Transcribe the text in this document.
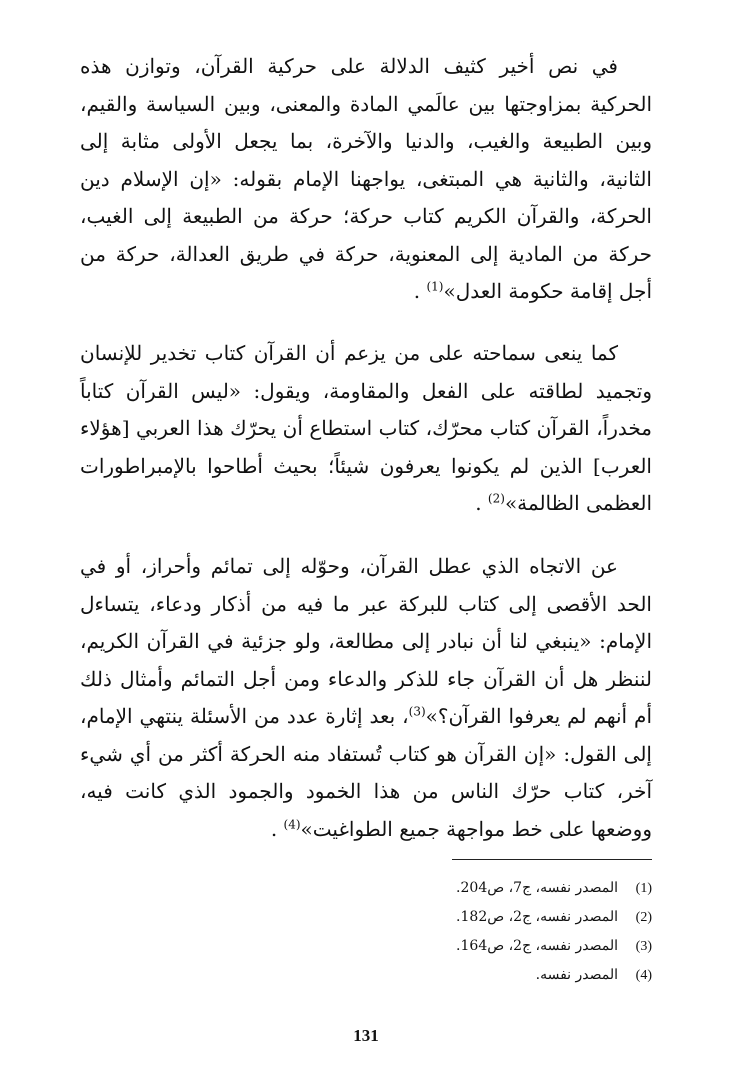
في نص أخير كثيف الدلالة على حركية القرآن، وتوازن هذه الحركية بمزاوجتها بين عالَمي المادة والمعنى، وبين السياسة والقيم، وبين الطبيعة والغيب، والدنيا والآخرة، بما يجعل الأولى مثابة إلى الثانية، والثانية هي المبتغى، يواجهنا الإمام بقوله: «إن الإسلام دين الحركة، والقرآن الكريم كتاب حركة؛ حركة من الطبيعة إلى الغيب، حركة من المادية إلى المعنوية، حركة في طريق العدالة، حركة من أجل إقامة حكومة العدل»$^{(1)}$ .

كما ينعى سماحته على من يزعم أن القرآن كتاب تخدير للإنسان وتجميد لطاقته على الفعل والمقاومة، ويقول: «ليس القرآن كتاباً مخدراً، القرآن كتاب محرّك، كتاب استطاع أن يحرّك هذا العربي [هؤلاء العرب] الذين لم يكونوا يعرفون شيئاً؛ بحيث أطاحوا بالإمبراطورات العظمى الظالمة»$^{(2)}$ .

عن الاتجاه الذي عطل القرآن، وحوّله إلى تمائم وأحراز، أو في الحد الأقصى إلى كتاب للبركة عبر ما فيه من أذكار ودعاء، يتساءل الإمام: «ينبغي لنا أن نبادر إلى مطالعة، ولو جزئية في القرآن الكريم، لننظر هل أن القرآن جاء للذكر والدعاء ومن أجل التمائم وأمثال ذلك أم أنهم لم يعرفوا القرآن؟»$^{(3)}$، بعد إثارة عدد من الأسئلة ينتهي الإمام، إلى القول: «إن القرآن هو كتاب تُستفاد منه الحركة أكثر من أي شيء آخر، كتاب حرّك الناس من هذا الخمود والجمود الذي كانت فيه، ووضعها على خط مواجهة جميع الطواغيت»$^{(4)}$ .

(1)
المصدر نفسه، ج7، ص204.
(2)
المصدر نفسه، ج2، ص182.
(3)
المصدر نفسه، ج2، ص164.
(4)
المصدر نفسه.
131
